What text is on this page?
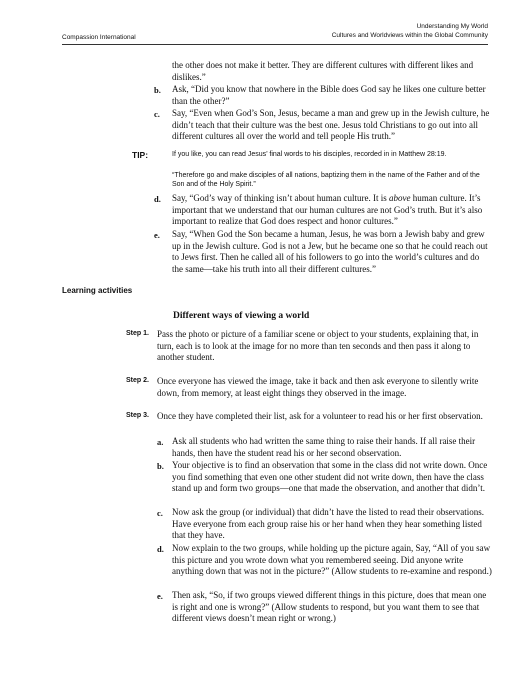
Compassion International
Understanding My World
Cultures and Worldviews within the Global Community
the other does not make it better. They are different cultures with different likes and dislikes.”
b. Ask, “Did you know that nowhere in the Bible does God say he likes one culture better than the other?”
c. Say, “Even when God’s Son, Jesus, became a man and grew up in the Jewish culture, he didn’t teach that their culture was the best one. Jesus told Christians to go out into all different cultures all over the world and tell people His truth.”
TIP:	If you like, you can read Jesus’ final words to his disciples, recorded in in Matthew 28:19.
“Therefore go and make disciples of all nations, baptizing them in the name of the Father and of the Son and of the Holy Spirit.”
d. Say, “God’s way of thinking isn’t about human culture. It is above human culture. It’s important that we understand that our human cultures are not God’s truth. But it’s also important to realize that God does respect and honor cultures.”
e. Say, “When God the Son became a human, Jesus, he was born a Jewish baby and grew up in the Jewish culture. God is not a Jew, but he became one so that he could reach out to Jews first. Then he called all of his followers to go into the world’s cultures and do the same—take his truth into all their different cultures.”
Learning activities
Different ways of viewing a world
Step 1. Pass the photo or picture of a familiar scene or object to your students, explaining that, in turn, each is to look at the image for no more than ten seconds and then pass it along to another student.
Step 2. Once everyone has viewed the image, take it back and then ask everyone to silently write down, from memory, at least eight things they observed in the image.
Step 3. Once they have completed their list, ask for a volunteer to read his or her first observation.
a. Ask all students who had written the same thing to raise their hands. If all raise their hands, then have the student read his or her second observation.
b. Your objective is to find an observation that some in the class did not write down. Once you find something that even one other student did not write down, then have the class stand up and form two groups—one that made the observation, and another that didn’t.
c. Now ask the group (or individual) that didn’t have the listed to read their observations. Have everyone from each group raise his or her hand when they hear something listed that they have.
d. Now explain to the two groups, while holding up the picture again, Say, “All of you saw this picture and you wrote down what you remembered seeing. Did anyone write anything down that was not in the picture?” (Allow students to re-examine and respond.)
e. Then ask, “So, if two groups viewed different things in this picture, does that mean one is right and one is wrong?” (Allow students to respond, but you want them to see that different views doesn’t mean right or wrong.)
